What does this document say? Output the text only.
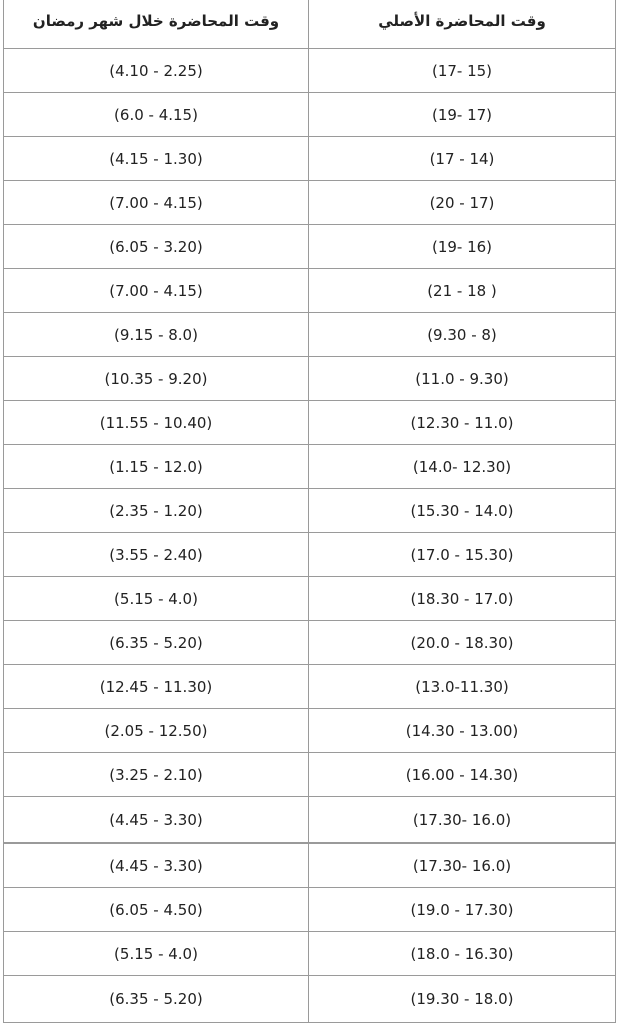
وقت المحاضرة الأصلي	وقت المحاضرة خلال شهر رمضان
(17- 15)	(4.10 - 2.25)
(19- 17)	(6.0 - 4.15)
(17 - 14)	(4.15 - 1.30)
(20 - 17)	(7.00 - 4.15)
(19- 16)	(6.05 - 3.20)
(21 - 18 )	(7.00 - 4.15)
(9.30 - 8)	(9.15 - 8.0)
(11.0 - 9.30)	(10.35 - 9.20)
(12.30 - 11.0)	(11.55 - 10.40)
(14.0- 12.30)	(1.15 - 12.0)
(15.30 - 14.0)	(2.35 - 1.20)
(17.0 - 15.30)	(3.55 - 2.40)
(18.30 - 17.0)	(5.15 - 4.0)
(20.0 - 18.30)	(6.35 - 5.20)
(13.0-11.30)	(12.45 - 11.30)
(14.30 - 13.00)	(2.05 - 12.50)
(16.00 - 14.30)	(3.25 - 2.10)
(17.30- 16.0)	(4.45 - 3.30)
(17.30- 16.0)	(4.45 - 3.30)
(19.0 - 17.30)	(6.05 - 4.50)
(18.0 - 16.30)	(5.15 - 4.0)
(19.30 - 18.0)	(6.35 - 5.20)
